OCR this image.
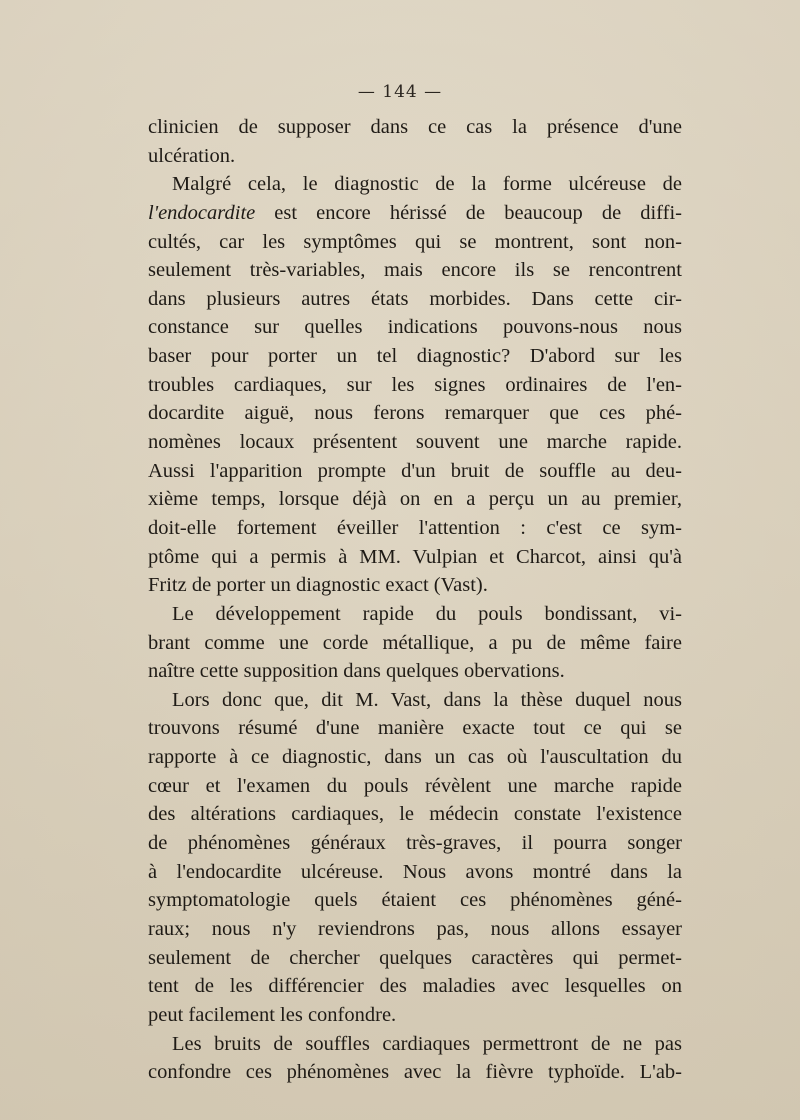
— 144 —
clinicien de supposer dans ce cas la présence d'une
ulcération.
Malgré cela, le diagnostic de la forme ulcéreuse de
l'endocardite est encore hérissé de beaucoup de diffi-
cultés, car les symptômes qui se montrent, sont non-
seulement très-variables, mais encore ils se rencontrent
dans plusieurs autres états morbides. Dans cette cir-
constance sur quelles indications pouvons-nous nous
baser pour porter un tel diagnostic? D'abord sur les
troubles cardiaques, sur les signes ordinaires de l'en-
docardite aiguë, nous ferons remarquer que ces phé-
nomènes locaux présentent souvent une marche rapide.
Aussi l'apparition prompte d'un bruit de souffle au deu-
xième temps, lorsque déjà on en a perçu un au premier,
doit-elle fortement éveiller l'attention : c'est ce sym-
ptôme qui a permis à MM. Vulpian et Charcot, ainsi qu'à
Fritz de porter un diagnostic exact (Vast).
Le développement rapide du pouls bondissant, vi-
brant comme une corde métallique, a pu de même faire
naître cette supposition dans quelques obervations.
Lors donc que, dit M. Vast, dans la thèse duquel nous
trouvons résumé d'une manière exacte tout ce qui se
rapporte à ce diagnostic, dans un cas où l'auscultation du
cœur et l'examen du pouls révèlent une marche rapide
des altérations cardiaques, le médecin constate l'existence
de phénomènes généraux très-graves, il pourra songer
à l'endocardite ulcéreuse. Nous avons montré dans la
symptomatologie quels étaient ces phénomènes géné-
raux; nous n'y reviendrons pas, nous allons essayer
seulement de chercher quelques caractères qui permet-
tent de les différencier des maladies avec lesquelles on
peut facilement les confondre.
Les bruits de souffles cardiaques permettront de ne pas
confondre ces phénomènes avec la fièvre typhoïde. L'ab-
